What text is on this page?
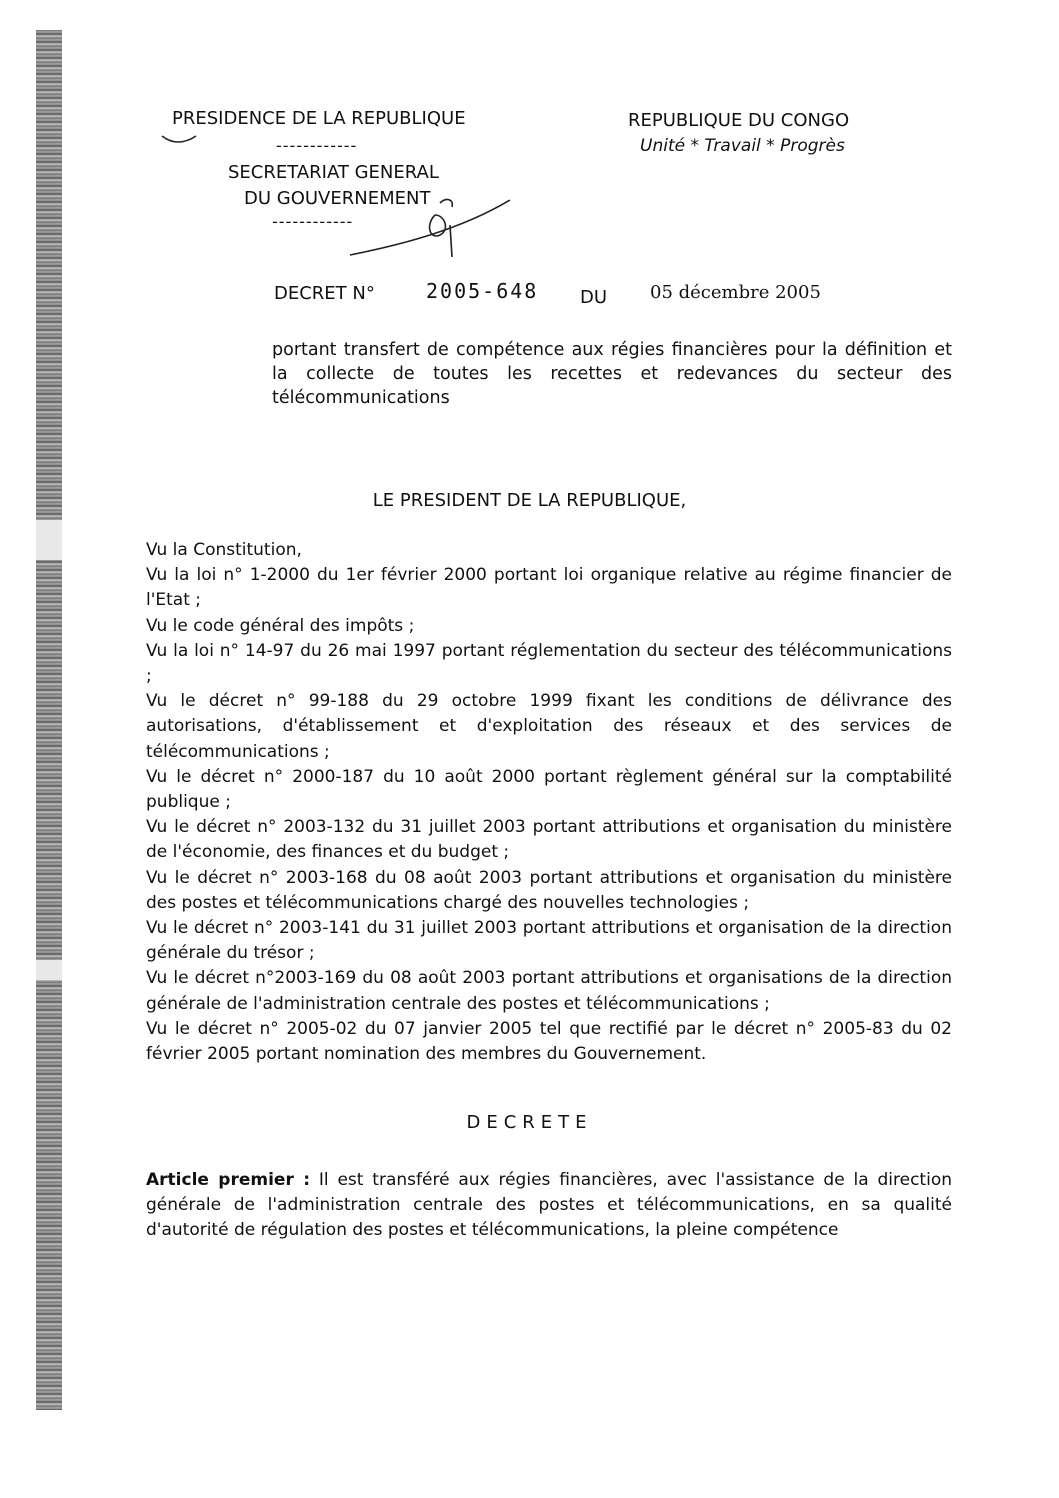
PRESIDENCE DE LA REPUBLIQUE
------------
SECRETARIAT GENERAL
DU GOUVERNEMENT
------------
REPUBLIQUE DU CONGO
Unité * Travail * Progrès
DECRET N°	2005-648 DU 05 décembre 2005
portant transfert de compétence aux régies financières pour la définition et la collecte de toutes les recettes et redevances du secteur des télécommunications
LE PRESIDENT DE LA REPUBLIQUE,

Vu la Constitution,

Vu la loi n° 1-2000 du 1er février 2000 portant loi organique relative au régime financier de l'Etat ;

Vu le code général des impôts ;

Vu la loi n° 14-97 du 26 mai 1997 portant réglementation du secteur des télécommunications ;

Vu le décret n° 99-188 du 29 octobre 1999 fixant les conditions de délivrance des autorisations, d'établissement et d'exploitation des réseaux et des services de télécommunications ;

Vu le décret n° 2000-187 du 10 août 2000 portant règlement général sur la comptabilité publique ;

Vu le décret n° 2003-132 du 31 juillet 2003 portant attributions et organisation du ministère de l'économie, des finances et du budget ;

Vu le décret n° 2003-168 du 08 août 2003 portant attributions et organisation du ministère des postes et télécommunications chargé des nouvelles technologies ;

Vu le décret n° 2003-141 du 31 juillet 2003 portant attributions et organisation de la direction générale du trésor ;

Vu le décret n°2003-169 du 08 août 2003 portant attributions et organisations de la direction générale de l'administration centrale des postes et télécommunications ;

Vu le décret n° 2005-02 du 07 janvier 2005 tel que rectifié par le décret n° 2005-83 du 02 février 2005 portant nomination des membres du Gouvernement.

DECRETE
Article premier : Il est transféré aux régies financières, avec l'assistance de la direction générale de l'administration centrale des postes et télécommunications, en sa qualité d'autorité de régulation des postes et télécommunications, la pleine compétence
